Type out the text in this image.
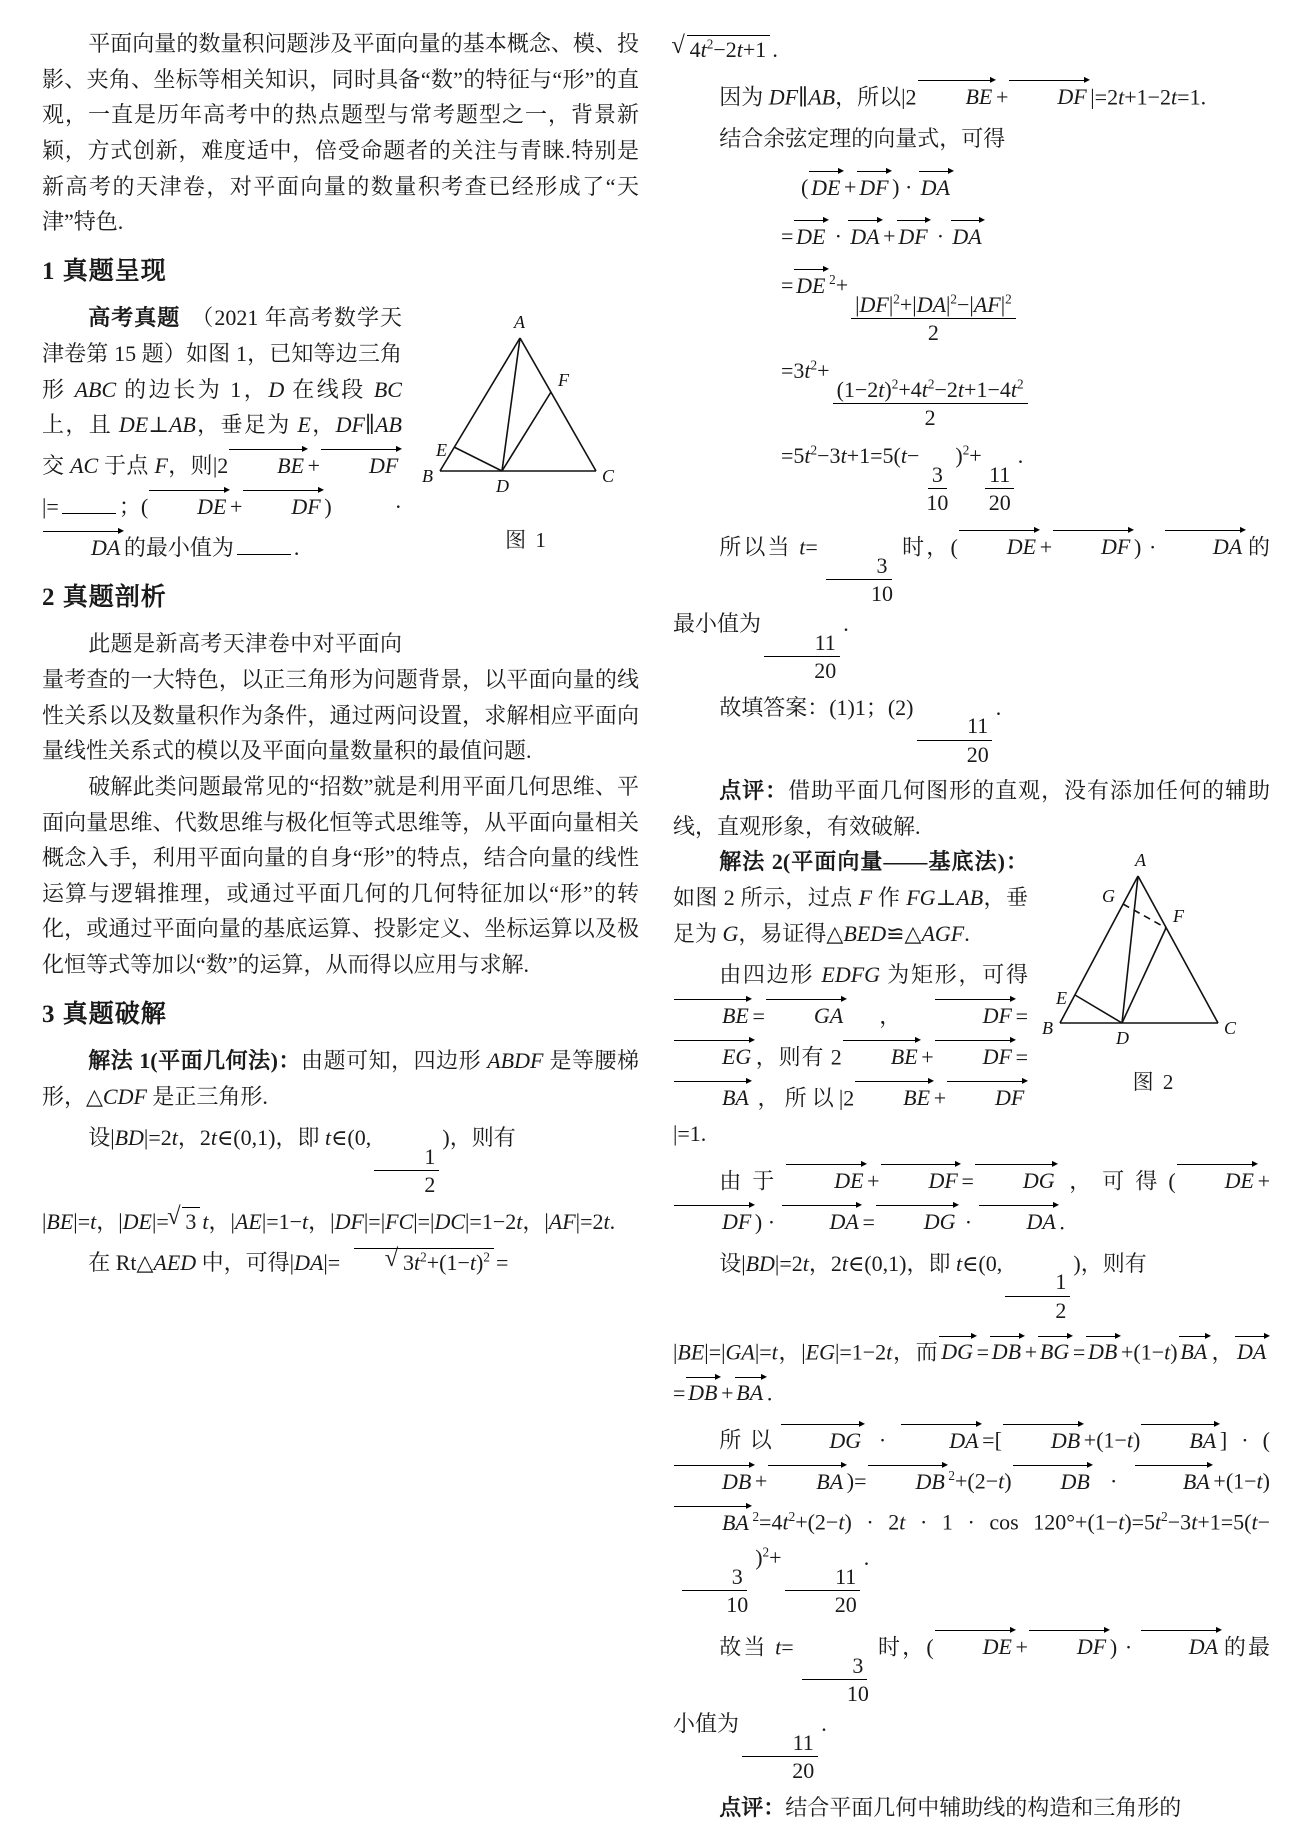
平面向量的数量积问题涉及平面向量的基本概念、模、投影、夹角、坐标等相关知识，同时具备“数”的特征与“形”的直观，一直是历年高考中的热点题型与常考题型之一，背景新颖，方式创新，难度适中，倍受命题者的关注与青睐.特别是新高考的天津卷，对平面向量的数量积考查已经形成了“天津”特色.

1 真题呈现
A
B	C
D
E
F
图 1

高考真题 （2021 年高考数学天津卷第 15 题）如图 1，已知等边三角形 ABC 的边长为 1，D 在线段 BC 上，且 DE⊥AB，垂足为 E，DF∥AB 交 AC 于点 F，则|2 BE + DF|=	；( DE + DF ) · DA 的最小值为	.

2 真题剖析

此题是新高考天津卷中对平面向量考查的一大特色，以正三角形为问题背景，以平面向量的线性关系以及数量积作为条件，通过两问设置，求解相应平面向量线性关系式的模以及平面向量数量积的最值问题.

破解此类问题最常见的“招数”就是利用平面几何思维、平面向量思维、代数思维与极化恒等式思维等，从平面向量相关概念入手，利用平面向量的自身“形”的特点，结合向量的线性运算与逻辑推理，或通过平面几何的几何特征加以“形”的转化，或通过平面向量的基底运算、投影定义、坐标运算以及极化恒等式等加以“数”的运算，从而得以应用与求解.

3 真题破解

解法 1(平面几何法)：由题可知，四边形 ABDF 是等腰梯形，△CDF 是正三角形.

设|BD|=2t，2t∈(0,1)，即 t∈(0,
$\frac{1}{2}$
)，则有

|BE|=t，|DE|= √ 3 t，|AE|=1−t，|DF|=|FC|=|DC|=1−2t，|AF|=2t.

在 Rt△AED 中，可得|DA|=	√ $3t^2+(1-t)^2$ =

√ $4t^2-2t+1$ .

因为 DF∥AB，所以|2 BE + DF |=2t+1−2t=1.

结合余弦定理的向量式，可得

( DE + DF ) · DA

= DE · DA + DF · DA

= DE $^2$+
$\frac{|DF|^2+|DA|^2-|AF|^2}{2}$

$=3t^2+$
$\frac{(1-2t)^2+4t^2-2t+1-4t^2}{2}$

$=5t^2-3t+1=5(t-$
$\frac{3}{10}$
)$^2$+
$\frac{11}{20}$
.

所以当 t=
$\frac{3}{10}$
时，( DE + DF ) · DA 的最小值为
$\frac{11}{20}$
.

故填答案：(1)1；(2)
$\frac{11}{20}$
.

点评：借助平面几何图形的直观，没有添加任何的辅助线，直观形象，有效破解.

A
G
E
B	D	C
F
图 2

解法 2(平面向量——基底法)：如图 2 所示，过点 F 作 FG⊥AB，垂足为 G，易证得△BED≌△AGF.

由四边形 EDFG 为矩形，可得BE = GA ， DF =EG ，则有 2 BE + DF =BA ，所以|2 BE + DF|=1.

由于 DE + DF = DG ，可得( DE +DF ) · DA = DG · DA .

设|BD|=2t，2t∈(0,1)，即 t∈(0,
$\frac{1}{2}$
)，则有

|BE|=|GA|=t，|EG|=1−2t，而 DG = DB + BG = DB +(1−t) BA ， DA= DB + BA .

所以 DG · DA =[ DB +(1−t) BA ] · (DB + BA )= DB $^2$+(2−t) DB · BA +(1−t)BA $^2=4t^2+(2-t) \cdot 2t \cdot 1 \cdot \cos 120^\circ+(1-t)=5t^2-3t+1=5(t-$
$\frac{3}{10}$
)$^2$+
$\frac{11}{20}$
.

故当 t=
$\frac{3}{10}$
时，( DE + DF ) · DA 的最小值为
$\frac{11}{20}$
.

点评：结合平面几何中辅助线的构造和三角形的
